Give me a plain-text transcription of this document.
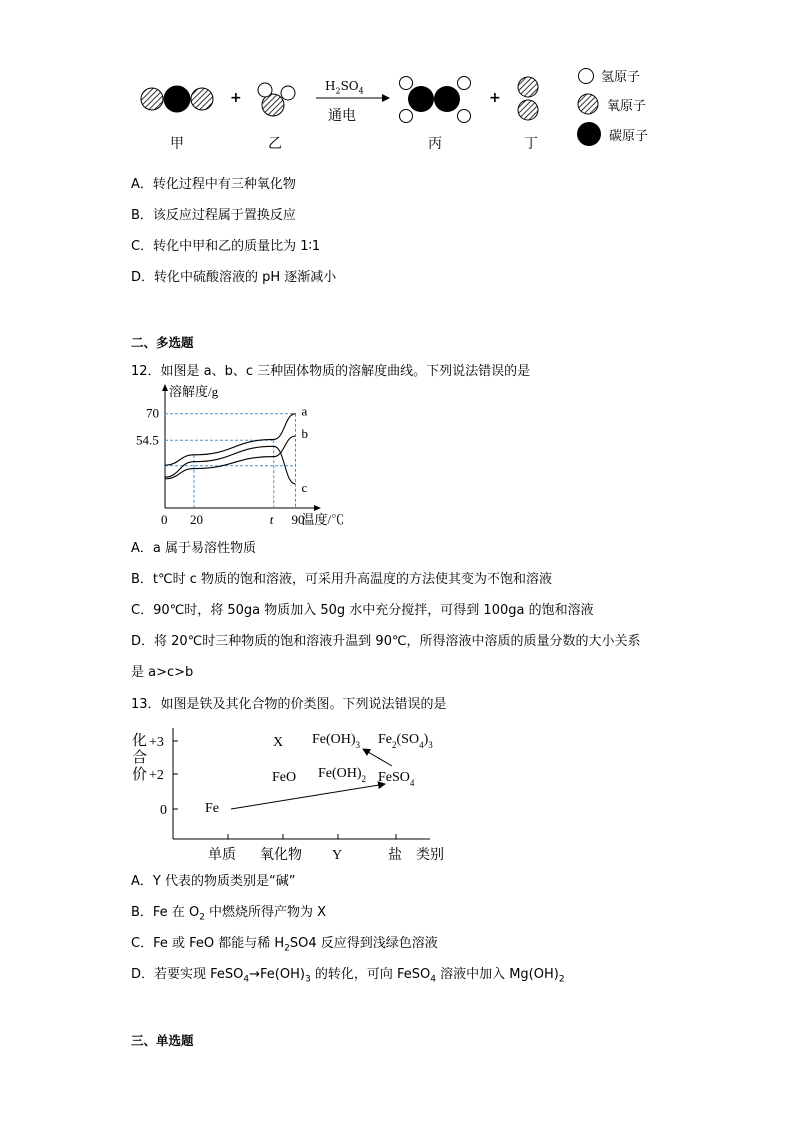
+	+
$H_2SO_4$
通电
甲	乙	丙	丁
氢原子
氧原子
碳原子
A．转化过程中有三种氧化物
B．该反应过程属于置换反应
C．转化中甲和乙的质量比为 1∶1
D．转化中硫酸溶液的 pH 逐渐减小
二、多选题
12．如图是 a、b、c 三种固体物质的溶解度曲线。下列说法错误的是
a
b
c
溶解度/g
温度/℃
70
54.5
0 20	t 90
A．a 属于易溶性物质
B．t℃时 c 物质的饱和溶液，可采用升高温度的方法使其变为不饱和溶液
C．90℃时，将 50ga 物质加入 50g 水中充分搅拌，可得到 100ga 的饱和溶液
D．将 20℃时三种物质的饱和溶液升温到 90℃，所得溶液中溶质的质量分数的大小关系
是 a>c>b
13．如图是铁及其化合物的价类图。下列说法错误的是
化
合
价
+3
+2
0
X $Fe(OH)_3$ $Fe_2(SO_4)_3$
FeO $Fe(OH)_2$ FeSO$_4$
Fe
单质 氧化物 Y	盐 类别
A．Y 代表的物质类别是“碱”
B．Fe 在 $O_2$ 中燃烧所得产物为 X
C．Fe 或 FeO 都能与稀 $H_2SO4$ 反应得到浅绿色溶液
D．若要实现 $FeSO_4\to Fe(OH)_3$ 的转化，可向 FeSO$_4$ 溶液中加入 $Mg(OH)_2$
三、单选题
